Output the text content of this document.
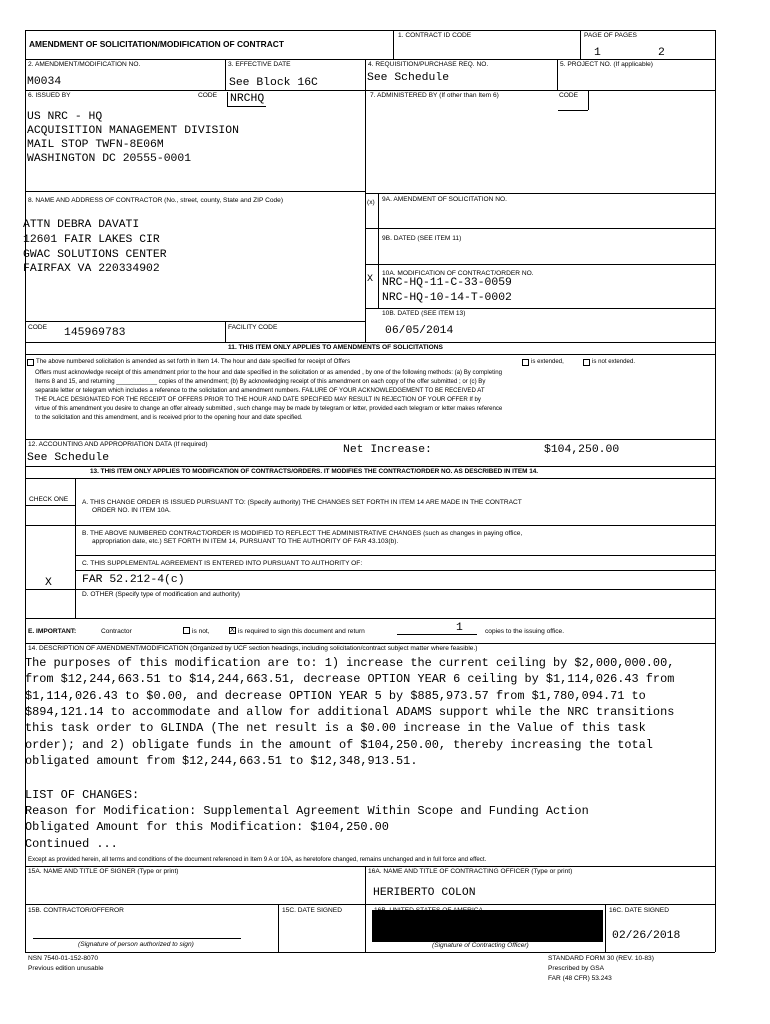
AMENDMENT OF SOLICITATION/MODIFICATION OF CONTRACT
1. CONTRACT ID CODE	PAGE OF PAGES
1	2
2. AMENDMENT/MODIFICATION NO.
M0034
3. EFFECTIVE DATE
See Block 16C
4. REQUISITION/PURCHASE REQ. NO.
See Schedule
5. PROJECT NO. (If applicable)
6. ISSUED BY	CODE NRCHQ	7. ADMINISTERED BY (If other than Item 6)	CODE
US NRC - HQ
ACQUISITION MANAGEMENT DIVISION
MAIL STOP TWFN-8E06M
WASHINGTON DC 20555-0001
8. NAME AND ADDRESS OF CONTRACTOR (No., street, county, State and ZIP Code)
ATTN DEBRA DAVATI
12601 FAIR LAKES CIR
GWAC SOLUTIONS CENTER
FAIRFAX VA 220334902
CODE 145969783	FACILITY CODE
(x) 9A. AMENDMENT OF SOLICITATION NO.
9B. DATED (SEE ITEM 11)
10A. MODIFICATION OF CONTRACT/ORDER NO.
X NRC-HQ-11-C-33-0059
NRC-HQ-10-14-T-0002
10B. DATED (SEE ITEM 13)
06/05/2014
11. THIS ITEM ONLY APPLIES TO AMENDMENTS OF SOLICITATIONS
The above numbered solicitation is amended as set forth in Item 14. The hour and date specified for receipt of Offers	is extended,	is not extended.
Offers must acknowledge receipt of this amendment prior to the hour and date specified in the solicitation or as amended , by one of the following methods: (a) By completing
Items 8 and 15, and returning ____________ copies of the amendment; (b) By acknowledging receipt of this amendment on each copy of the offer submitted ; or (c) By
separate letter or telegram which includes a reference to the solicitation and amendment numbers. FAILURE OF YOUR ACKNOWLEDGEMENT TO BE RECEIVED AT
THE PLACE DESIGNATED FOR THE RECEIPT OF OFFERS PRIOR TO THE HOUR AND DATE SPECIFIED MAY RESULT IN REJECTION OF YOUR OFFER If by
virtue of this amendment you desire to change an offer already submitted , such change may be made by telegram or letter, provided each telegram or letter makes reference
to the solicitation and this amendment, and is received prior to the opening hour and date specified.
12. ACCOUNTING AND APPROPRIATION DATA (If required)
See Schedule
Net Increase:	$104,250.00
13. THIS ITEM ONLY APPLIES TO MODIFICATION OF CONTRACTS/ORDERS. IT MODIFIES THE CONTRACT/ORDER NO. AS DESCRIBED IN ITEM 14.
CHECK ONE A. THIS CHANGE ORDER IS ISSUED PURSUANT TO: (Specify authority) THE CHANGES SET FORTH IN ITEM 14 ARE MADE IN THE CONTRACT
ORDER NO. IN ITEM 10A.
B. THE ABOVE NUMBERED CONTRACT/ORDER IS MODIFIED TO REFLECT THE ADMINISTRATIVE CHANGES (such as changes in paying office,
appropriation date, etc.) SET FORTH IN ITEM 14, PURSUANT TO THE AUTHORITY OF FAR 43.103(b).
C. THIS SUPPLEMENTAL AGREEMENT IS ENTERED INTO PURSUANT TO AUTHORITY OF:
X	FAR 52.212-4(c)
D. OTHER (Specify type of modification and authority)
E. IMPORTANT:	Contractor	is not,	X is required to sign this document and return	1	copies to the issuing office.
14. DESCRIPTION OF AMENDMENT/MODIFICATION (Organized by UCF section headings, including solicitation/contract subject matter where feasible.)
The purposes of this modification are to: 1) increase the current ceiling by $2,000,000.00,
from $12,244,663.51 to $14,244,663.51, decrease OPTION YEAR 6 ceiling by $1,114,026.43 from
$1,114,026.43 to $0.00, and decrease OPTION YEAR 5 by $885,973.57 from $1,780,094.71 to
$894,121.14 to accommodate and allow for additional ADAMS support while the NRC transitions
this task order to GLINDA (The net result is a $0.00 increase in the Value of this task
order); and 2) obligate funds in the amount of $104,250.00, thereby increasing the total
obligated amount from $12,244,663.51 to $12,348,913.51.
LIST OF CHANGES:
Reason for Modification: Supplemental Agreement Within Scope and Funding Action
Obligated Amount for this Modification: $104,250.00
Continued ...
Except as provided herein, all terms and conditions of the document referenced in Item 9 A or 10A, as heretofore changed, remains unchanged and in full force and effect.
15A. NAME AND TITLE OF SIGNER (Type or print)	16A. NAME AND TITLE OF CONTRACTING OFFICER (Type or print)
HERIBERTO COLON
15B. CONTRACTOR/OFFEROR	15C. DATE SIGNED	16C. DATE SIGNED
02/26/2018
(Signature of person authorized to sign)	(Signature of Contracting Officer)
NSN 7540-01-152-8070
Previous edition unusable
STANDARD FORM 30 (REV. 10-83)
Prescribed by GSA
FAR (48 CFR) 53.243
